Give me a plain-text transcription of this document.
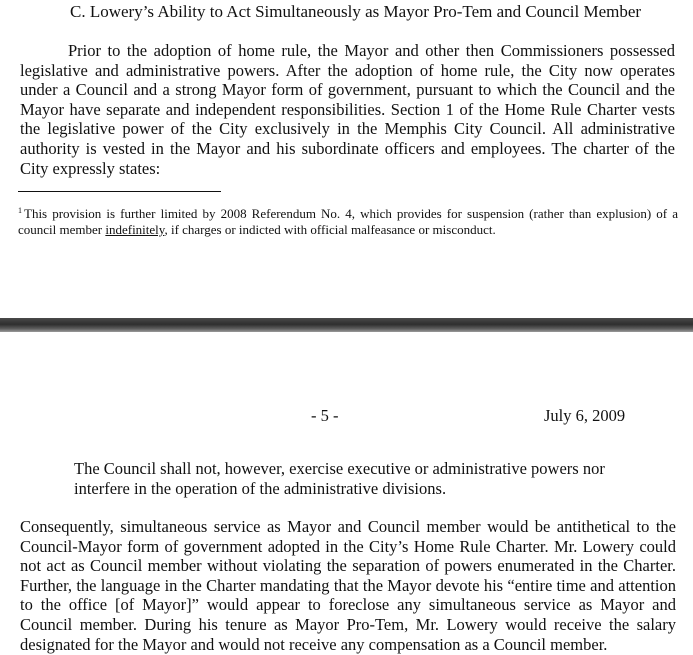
C. Lowery’s Ability to Act Simultaneously as Mayor Pro-Tem and Council Member
Prior to the adoption of home rule, the Mayor and other then Commissioners possessed legislative and administrative powers. After the adoption of home rule, the City now operates under a Council and a strong Mayor form of government, pursuant to which the Council and the Mayor have separate and independent responsibilities. Section 1 of the Home Rule Charter vests the legislative power of the City exclusively in the Memphis City Council. All administrative authority is vested in the Mayor and his subordinate officers and employees. The charter of the City expressly states:
$^1$ This provision is further limited by 2008 Referendum No. 4, which provides for suspension (rather than explusion) of a council member indefinitely, if charges or indicted with official malfeasance or misconduct.
- 5 -	July 6, 2009
The Council shall not, however, exercise executive or administrative powers nor interfere in the operation of the administrative divisions.
Consequently, simultaneous service as Mayor and Council member would be antithetical to the Council-Mayor form of government adopted in the City’s Home Rule Charter. Mr. Lowery could not act as Council member without violating the separation of powers enumerated in the Charter. Further, the language in the Charter mandating that the Mayor devote his “entire time and attention to the office [of Mayor]” would appear to foreclose any simultaneous service as Mayor and Council member. During his tenure as Mayor Pro-Tem, Mr. Lowery would receive the salary designated for the Mayor and would not receive any compensation as a Council member.
